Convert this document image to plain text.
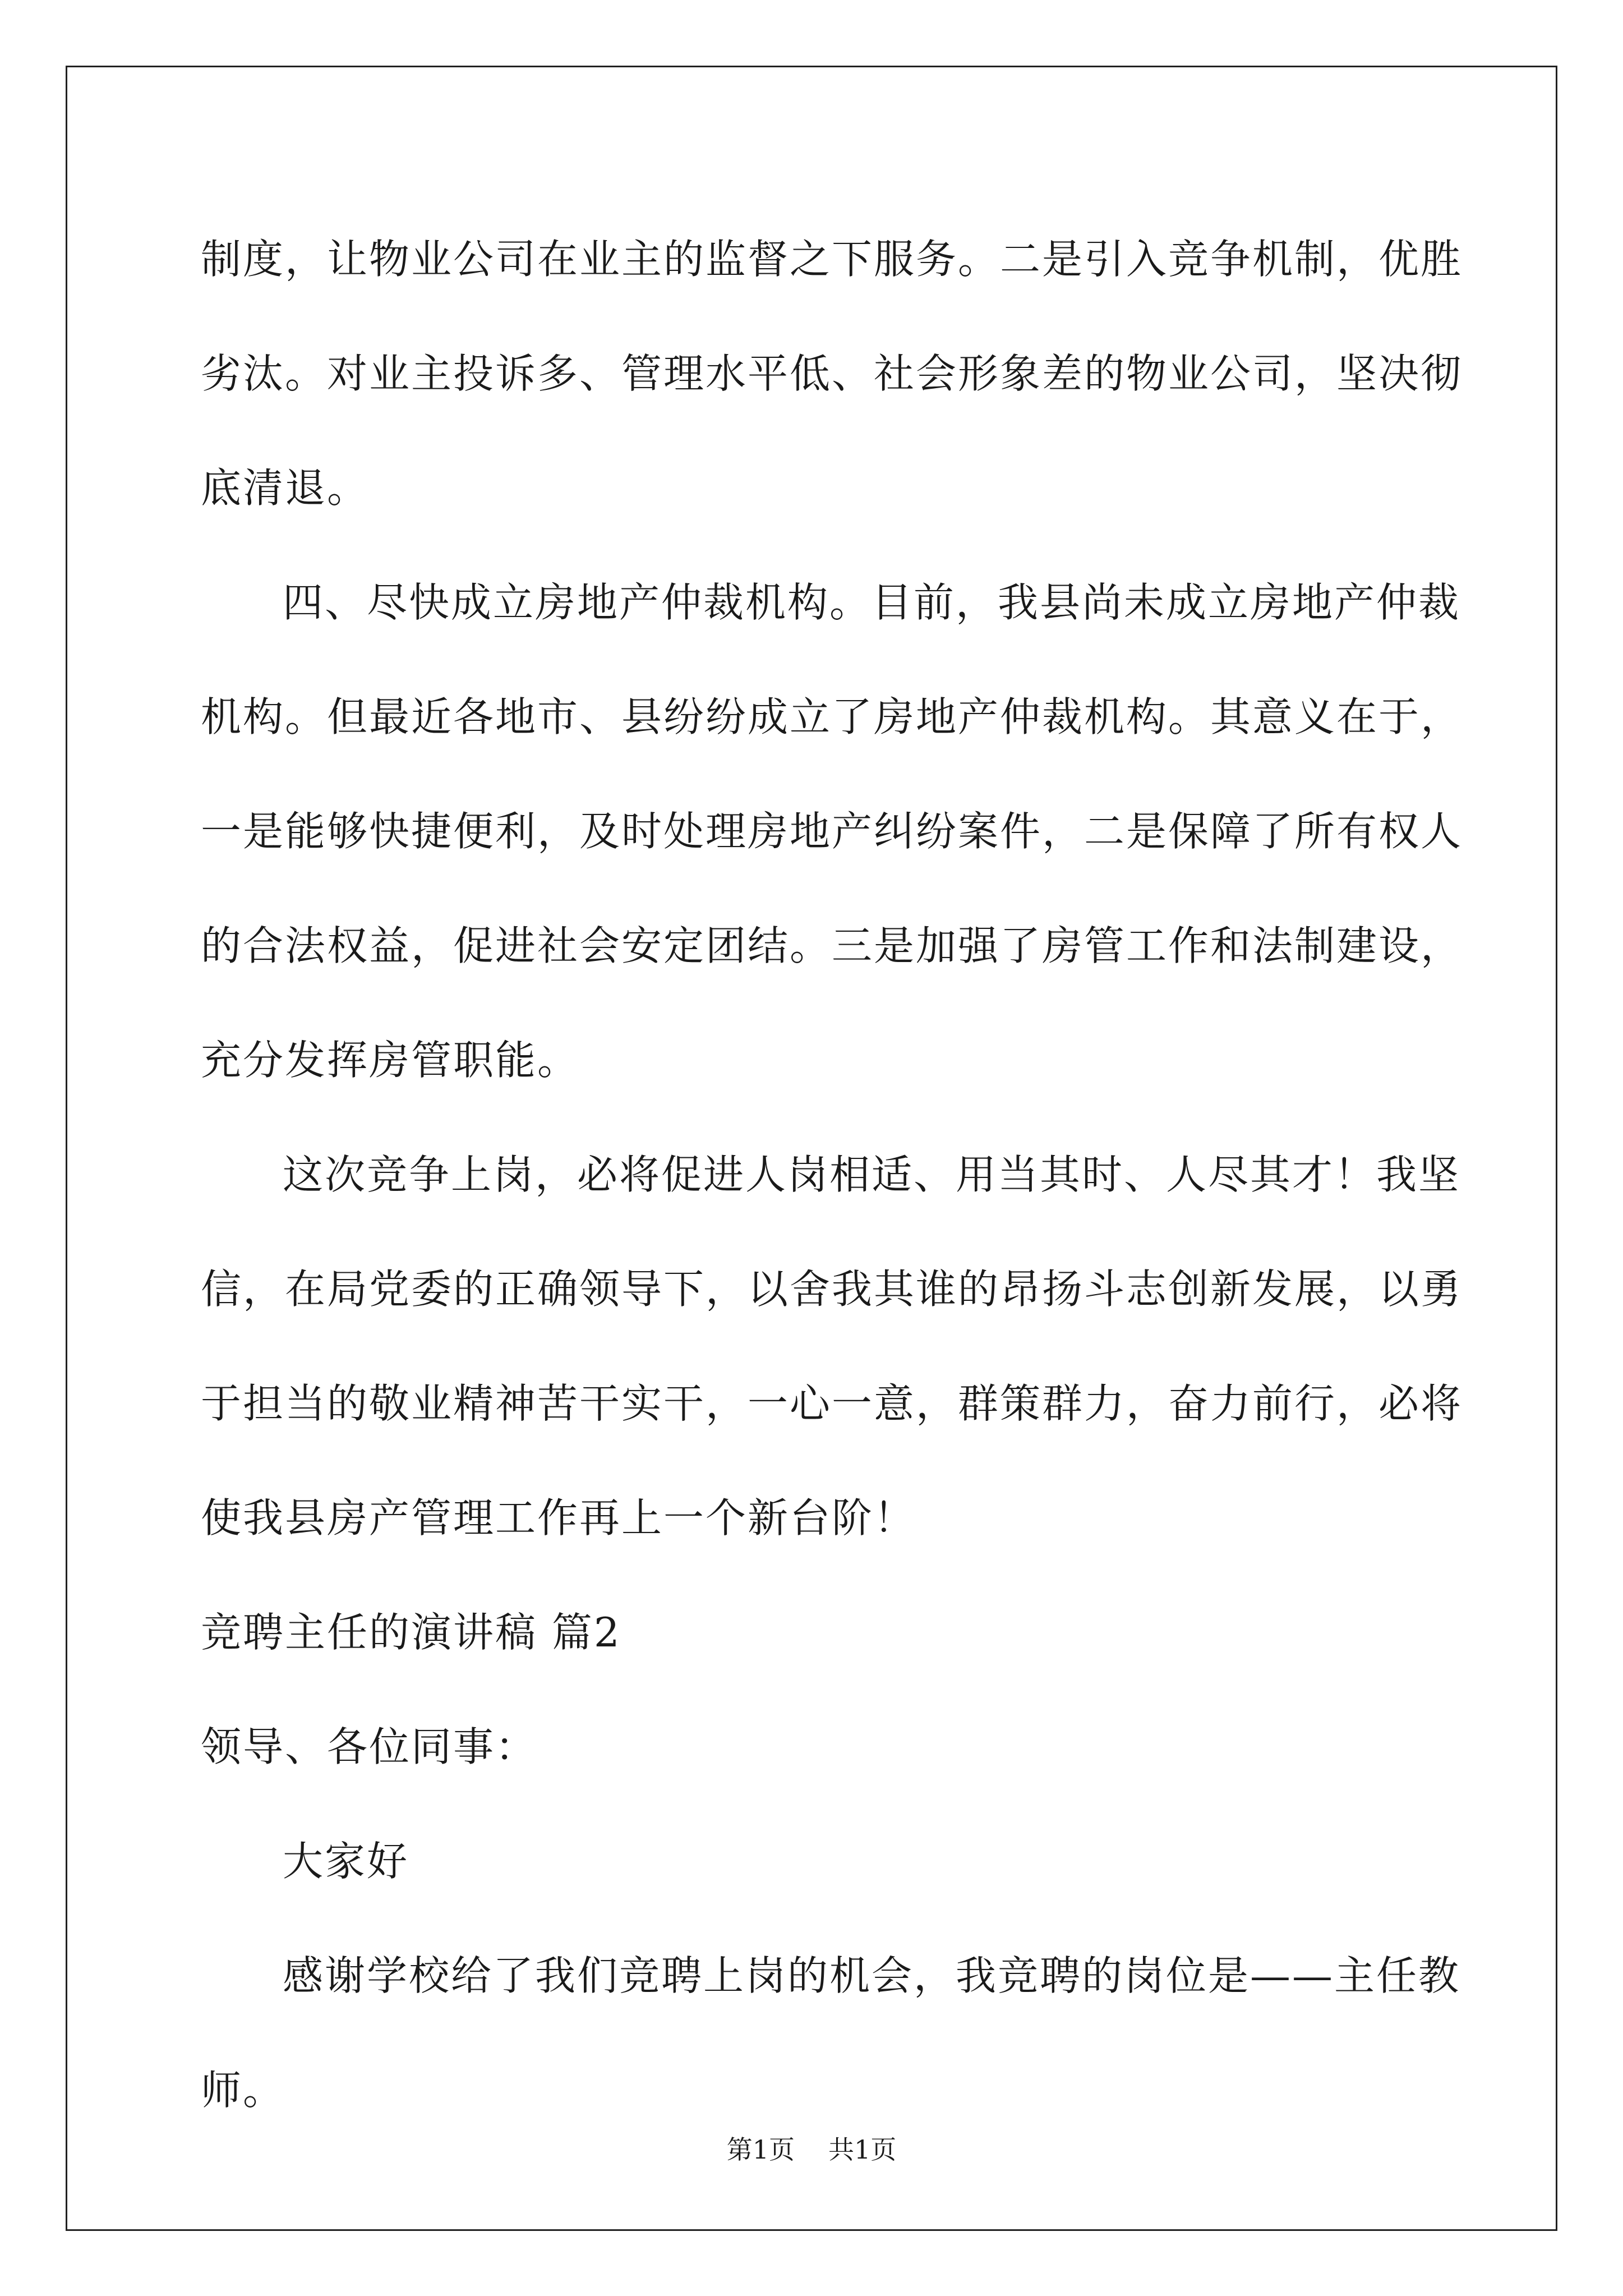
制度，让物业公司在业主的监督之下服务。二是引入竞争机制，优胜
劣汰。对业主投诉多、管理水平低、社会形象差的物业公司，坚决彻
底清退。
四、尽快成立房地产仲裁机构。目前，我县尚未成立房地产仲裁
机构。但最近各地市、县纷纷成立了房地产仲裁机构。其意义在于，
一是能够快捷便利，及时处理房地产纠纷案件，二是保障了所有权人
的合法权益，促进社会安定团结。三是加强了房管工作和法制建设，
充分发挥房管职能。
这次竞争上岗，必将促进人岗相适、用当其时、人尽其才！我坚
信，在局党委的正确领导下，以舍我其谁的昂扬斗志创新发展，以勇
于担当的敬业精神苦干实干，一心一意，群策群力，奋力前行，必将
使我县房产管理工作再上一个新台阶！
竞聘主任的演讲稿 篇2
领导、各位同事：
大家好
感谢学校给了我们竞聘上岗的机会，我竞聘的岗位是——主任教
师。
第1页 共1页
